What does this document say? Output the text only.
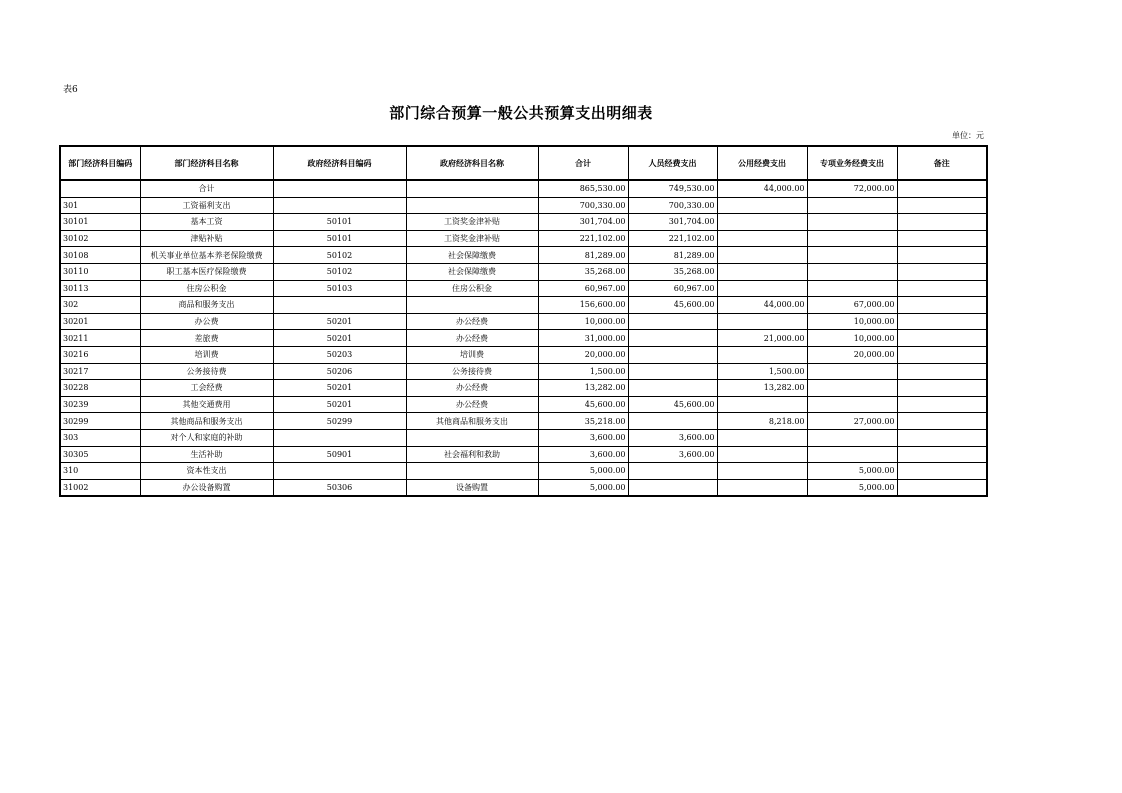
表6
部门综合预算一般公共预算支出明细表
单位：元
部门经济科目编码	部门经济科目名称	政府经济科目编码	政府经济科目名称	合计	人员经费支出	公用经费支出	专项业务经费支出	备注
	合计			865,530.00	749,530.00	44,000.00	72,000.00	
301	工资福利支出			700,330.00	700,330.00			
30101	基本工资	50101	工资奖金津补贴	301,704.00	301,704.00			
30102	津贴补贴	50101	工资奖金津补贴	221,102.00	221,102.00			
30108	机关事业单位基本养老保险缴费	50102	社会保障缴费	81,289.00	81,289.00			
30110	职工基本医疗保险缴费	50102	社会保障缴费	35,268.00	35,268.00			
30113	住房公积金	50103	住房公积金	60,967.00	60,967.00			
302	商品和服务支出			156,600.00	45,600.00	44,000.00	67,000.00	
30201	办公费	50201	办公经费	10,000.00			10,000.00	
30211	差旅费	50201	办公经费	31,000.00		21,000.00	10,000.00	
30216	培训费	50203	培训费	20,000.00			20,000.00	
30217	公务接待费	50206	公务接待费	1,500.00		1,500.00		
30228	工会经费	50201	办公经费	13,282.00		13,282.00		
30239	其他交通费用	50201	办公经费	45,600.00	45,600.00			
30299	其他商品和服务支出	50299	其他商品和服务支出	35,218.00		8,218.00	27,000.00	
303	对个人和家庭的补助			3,600.00	3,600.00			
30305	生活补助	50901	社会福利和救助	3,600.00	3,600.00			
310	资本性支出			5,000.00			5,000.00	
31002	办公设备购置	50306	设备购置	5,000.00			5,000.00	
